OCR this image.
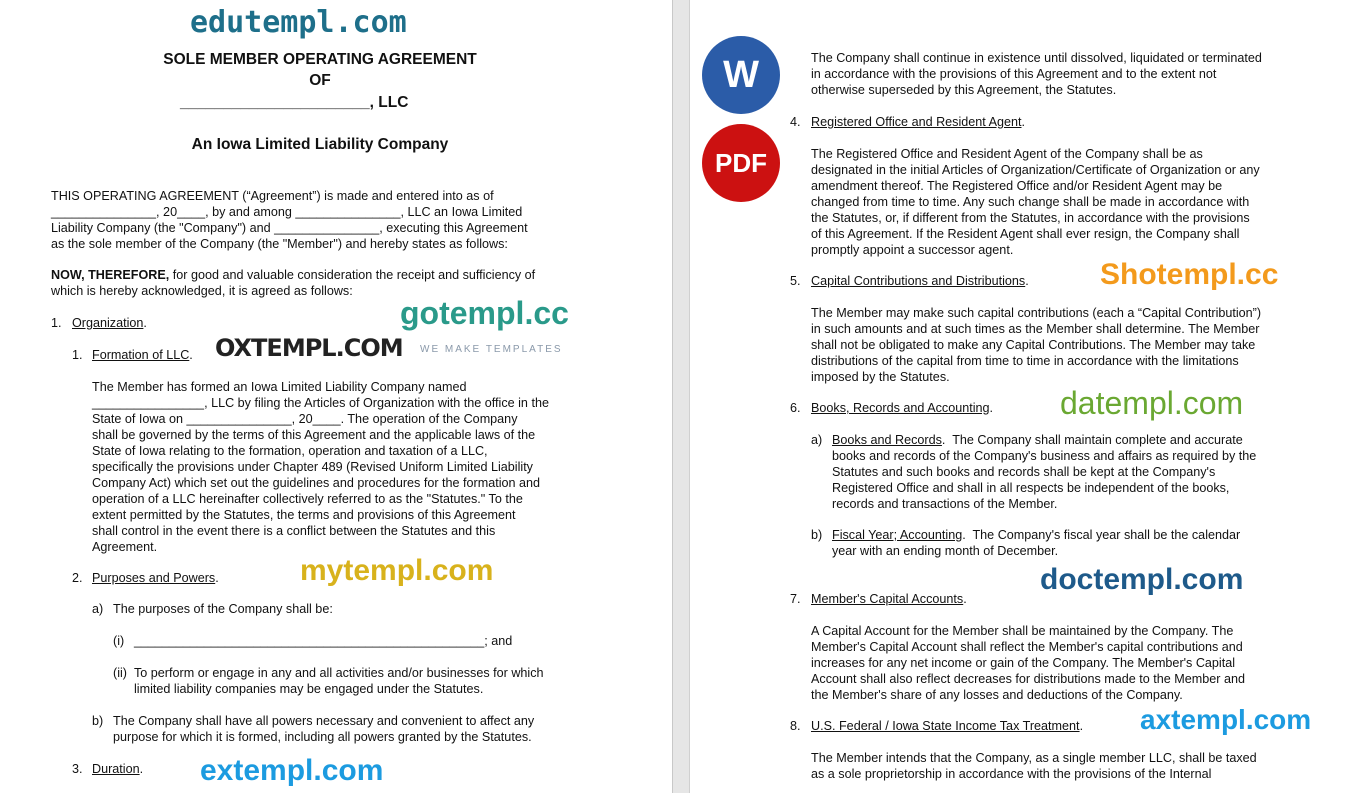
SOLE MEMBER OPERATING AGREEMENT
OF
______________________, LLC
An Iowa Limited Liability Company
THIS OPERATING AGREEMENT (“Agreement”) is made and entered into as of
_______________, 20____, by and among _______________, LLC an Iowa Limited
Liability Company (the "Company") and _______________, executing this Agreement
as the sole member of the Company (the "Member") and hereby states as follows:
NOW, THEREFORE, for good and valuable consideration the receipt and sufficiency of
which is hereby acknowledged, it is agreed as follows:
1. Organization.
1. Formation of LLC.
The Member has formed an Iowa Limited Liability Company named
________________, LLC by filing the Articles of Organization with the office in the
State of Iowa on _______________, 20____. The operation of the Company
shall be governed by the terms of this Agreement and the applicable laws of the
State of Iowa relating to the formation, operation and taxation of a LLC,
specifically the provisions under Chapter 489 (Revised Uniform Limited Liability
Company Act) which set out the guidelines and procedures for the formation and
operation of a LLC hereinafter collectively referred to as the "Statutes." To the
extent permitted by the Statutes, the terms and provisions of this Agreement
shall control in the event there is a conflict between the Statutes and this
Agreement.
2. Purposes and Powers.
a) The purposes of the Company shall be:
(i) __________________________________________________; and
(ii) To perform or engage in any and all activities and/or businesses for which
limited liability companies may be engaged under the Statutes.
b) The Company shall have all powers necessary and convenient to affect any
purpose for which it is formed, including all powers granted by the Statutes.
3. Duration.
The Company shall continue in existence until dissolved, liquidated or terminated
in accordance with the provisions of this Agreement and to the extent not
otherwise superseded by this Agreement, the Statutes.
4. Registered Office and Resident Agent.
The Registered Office and Resident Agent of the Company shall be as
designated in the initial Articles of Organization/Certificate of Organization or any
amendment thereof. The Registered Office and/or Resident Agent may be
changed from time to time. Any such change shall be made in accordance with
the Statutes, or, if different from the Statutes, in accordance with the provisions
of this Agreement. If the Resident Agent shall ever resign, the Company shall
promptly appoint a successor agent.
5. Capital Contributions and Distributions.
The Member may make such capital contributions (each a “Capital Contribution”)
in such amounts and at such times as the Member shall determine. The Member
shall not be obligated to make any Capital Contributions. The Member may take
distributions of the capital from time to time in accordance with the limitations
imposed by the Statutes.
6. Books, Records and Accounting.
a) Books and Records.  The Company shall maintain complete and accurate
books and records of the Company's business and affairs as required by the
Statutes and such books and records shall be kept at the Company's
Registered Office and shall in all respects be independent of the books,
records and transactions of the Member.
b) Fiscal Year; Accounting.  The Company's fiscal year shall be the calendar
year with an ending month of December.
7. Member's Capital Accounts.
A Capital Account for the Member shall be maintained by the Company. The
Member's Capital Account shall reflect the Member's capital contributions and
increases for any net income or gain of the Company. The Member's Capital
Account shall also reflect decreases for distributions made to the Member and
the Member's share of any losses and deductions of the Company.
8. U.S. Federal / Iowa State Income Tax Treatment.
The Member intends that the Company, as a single member LLC, shall be taxed
as a sole proprietorship in accordance with the provisions of the Internal
W
PDF
edutempl.com
gotempl.cc
OXTEMPL.COM WE MAKE TEMPLATES
mytempl.com
extempl.com
Shotempl.cc
datempl.com
doctempl.com
axtempl.com
